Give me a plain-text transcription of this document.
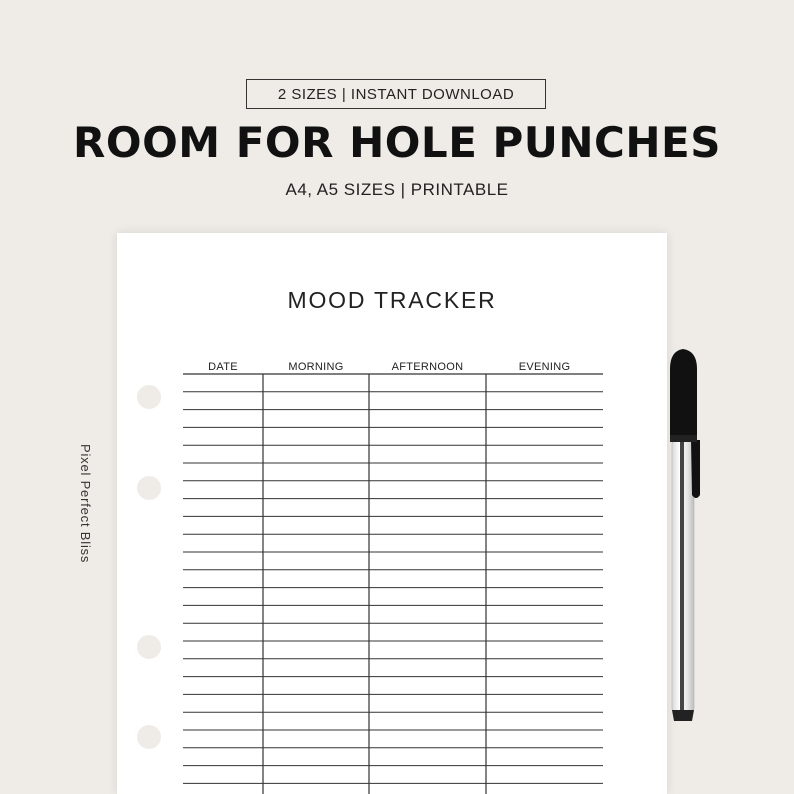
2 SIZES | INSTANT DOWNLOAD
ROOM FOR HOLE PUNCHES
A4, A5 SIZES | PRINTABLE
Pixel Perfect Bliss
MOOD TRACKER
DATE	MORNING	AFTERNOON	EVENING
